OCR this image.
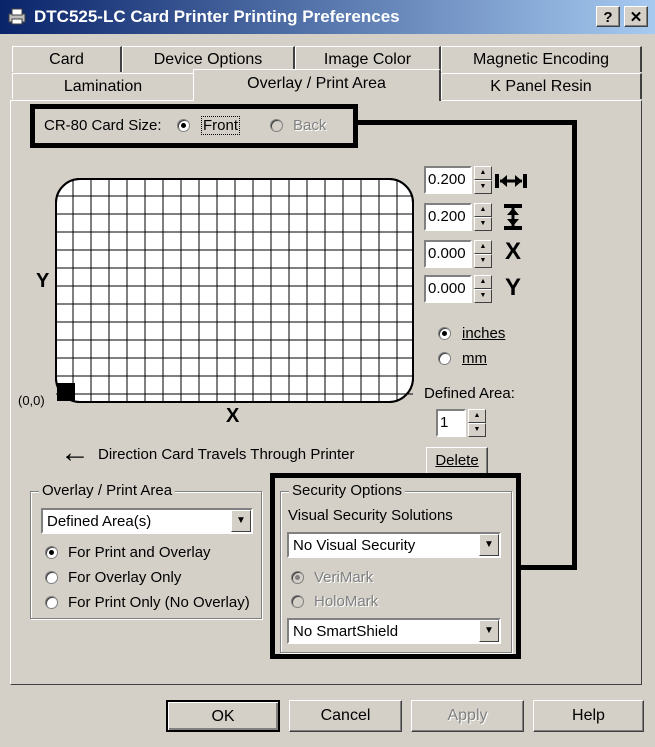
DTC525-LC Card Printer Printing Preferences	?	✕
Card	Device Options	Image Color	Magnetic Encoding
Lamination	Overlay / Print Area	K Panel Resin
CR-80 Card Size:	Front	Back
Y
(0,0)
X
← Direction Card Travels Through Printer
0.200	▲
▼
0.200	▲
▼
0.000	▲
▼ X
0.000	▲
▼ Y
inches
mm
Defined Area:
1	▲
▼
Delete
Overlay / Print Area
Defined Area(s)	▼
For Print and Overlay
For Overlay Only
For Print Only (No Overlay)
Security Options
Visual Security Solutions
No Visual Security	▼
VeriMark
HoloMark
No SmartShield	▼
OK	Cancel	Apply	Help
